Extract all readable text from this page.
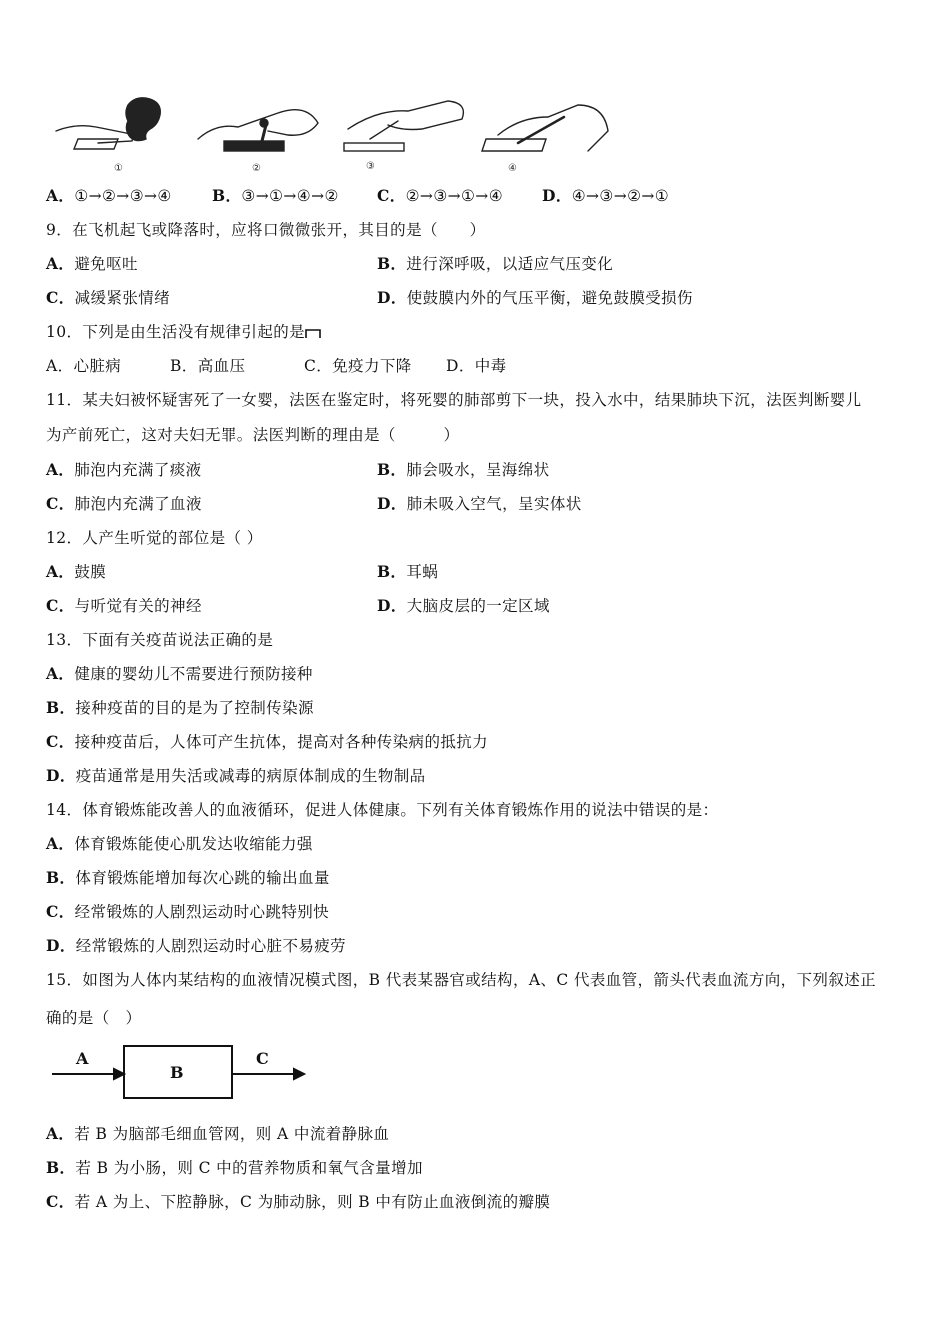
①	②	③	④
A．①→②→③→④	B．③→①→④→② C．②→③→①→④	D．④→③→②→①
9．在飞机起飞或降落时，应将口微微张开，其目的是（　　）
A．避免呕吐	B．进行深呼吸，以适应气压变化
C．减缓紧张情绪	D．使鼓膜内外的气压平衡，避免鼓膜受损伤
10．下列是由生活没有规律引起的是
A．心脏病	B．高血压	C．免疫力下降 D．中毒
11．某夫妇被怀疑害死了一女婴，法医在鉴定时，将死婴的肺部剪下一块，投入水中，结果肺块下沉，法医判断婴儿
为产前死亡，这对夫妇无罪。法医判断的理由是（　　　）
A．肺泡内充满了痰液	B．肺会吸水，呈海绵状
C．肺泡内充满了血液	D．肺未吸入空气，呈实体状
12．人产生听觉的部位是（ ）
A．鼓膜	B．耳蜗
C．与听觉有关的神经	D．大脑皮层的一定区域
13．下面有关疫苗说法正确的是
A．健康的婴幼儿不需要进行预防接种
B．接种疫苗的目的是为了控制传染源
C．接种疫苗后，人体可产生抗体，提高对各种传染病的抵抗力
D．疫苗通常是用失活或减毒的病原体制成的生物制品
14．体育锻炼能改善人的血液循环，促进人体健康。下列有关体育锻炼作用的说法中错误的是：
A．体育锻炼能使心肌发达收缩能力强
B．体育锻炼能增加每次心跳的输出血量
C．经常锻炼的人剧烈运动时心跳特别快
D．经常锻炼的人剧烈运动时心脏不易疲劳
15．如图为人体内某结构的血液情况模式图，B 代表某器官或结构，A、C 代表血管，箭头代表血流方向，下列叙述正
确的是（　）
A
B
C
A．若 B 为脑部毛细血管网，则 A 中流着静脉血
B．若 B 为小肠，则 C 中的营养物质和氧气含量增加
C．若 A 为上、下腔静脉，C 为肺动脉，则 B 中有防止血液倒流的瓣膜
